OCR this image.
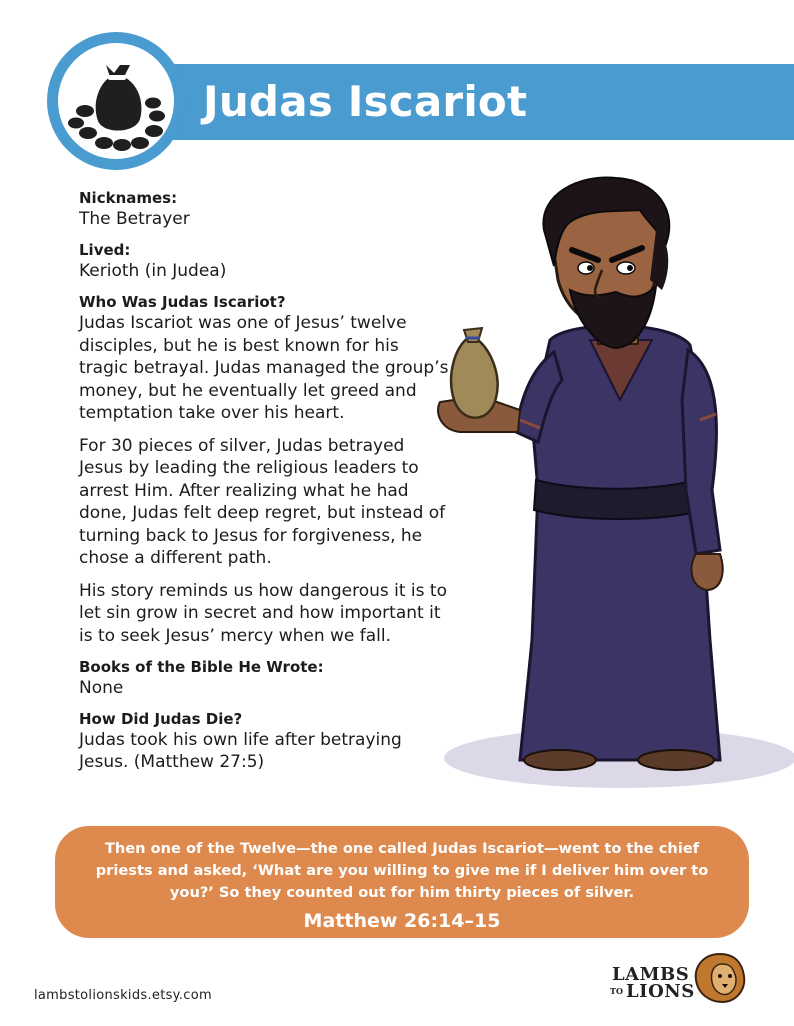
Judas Iscariot

Nicknames:

The Betrayer

Lived:

Kerioth (in Judea)

Who Was Judas Iscariot?

Judas Iscariot was one of Jesus’ twelve disciples, but he is best known for his tragic betrayal. Judas managed the group’s money, but he eventually let greed and temptation take over his heart.

For 30 pieces of silver, Judas betrayed Jesus by leading the religious leaders to arrest Him. After realizing what he had done, Judas felt deep regret, but instead of turning back to Jesus for forgiveness, he chose a different path.

His story reminds us how dangerous it is to let sin grow in secret and how important it is to seek Jesus’ mercy when we fall.

Books of the Bible He Wrote:

None

How Did Judas Die?

Judas took his own life after betraying Jesus. (Matthew 27:5)

Then one of the Twelve—the one called Judas Iscariot—went to the chief priests and asked, ‘What are you willing to give me if I deliver him over to you?’ So they counted out for him thirty pieces of silver.
Matthew 26:14–15
lambstolionskids.etsy.com
LAMBS
TO LIONS
